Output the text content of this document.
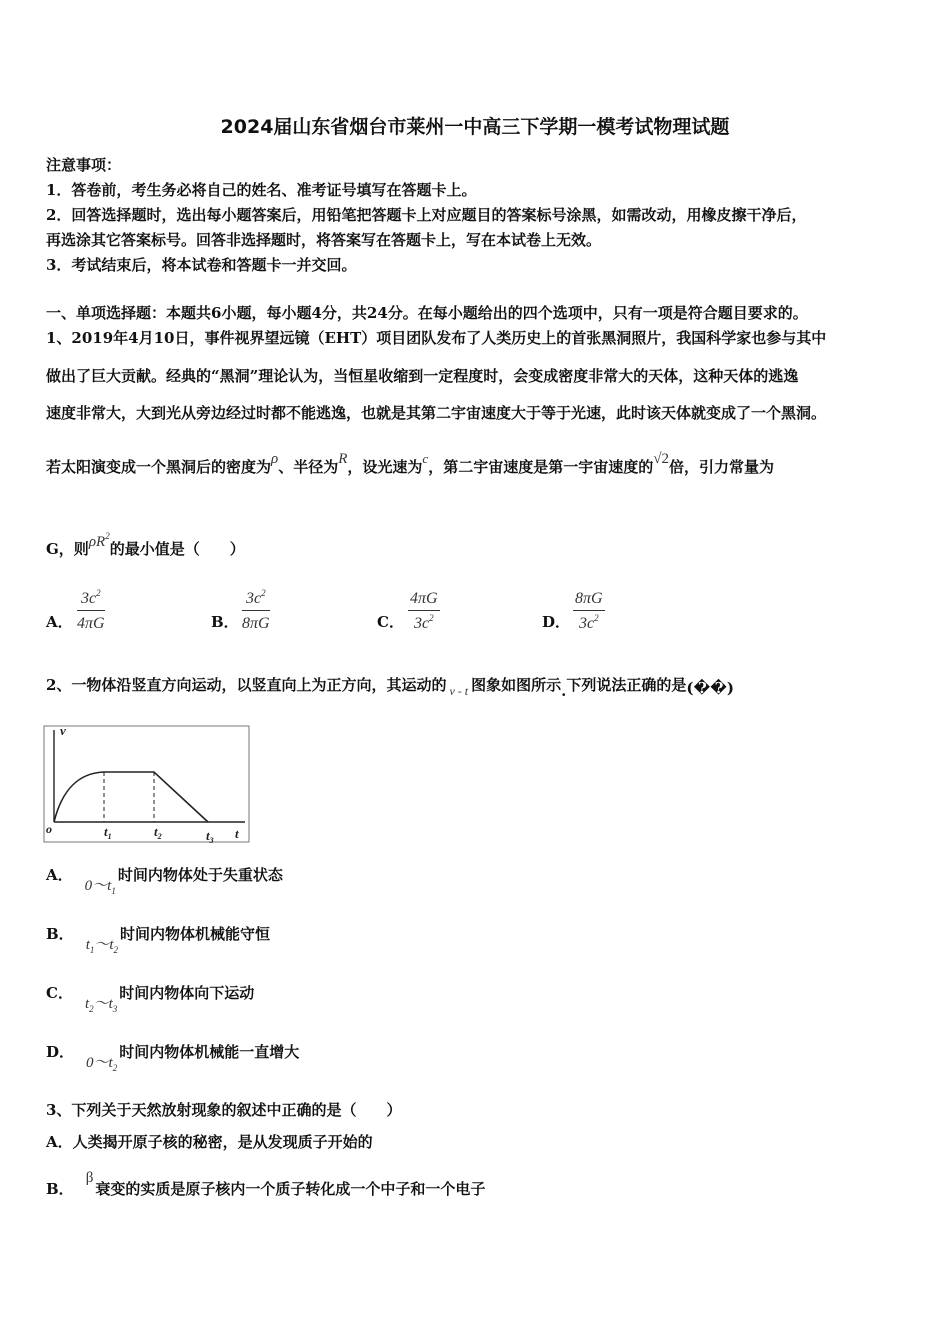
2024届山东省烟台市莱州一中高三下学期一模考试物理试题
注意事项：
1．答卷前，考生务必将自己的姓名、准考证号填写在答题卡上。
2．回答选择题时，选出每小题答案后，用铅笔把答题卡上对应题目的答案标号涂黑，如需改动，用橡皮擦干净后，
再选涂其它答案标号。回答非选择题时，将答案写在答题卡上，写在本试卷上无效。
3．考试结束后，将本试卷和答题卡一并交回。
一、单项选择题：本题共6小题，每小题4分，共24分。在每小题给出的四个选项中，只有一项是符合题目要求的。
1、2019年4月10日，事件视界望远镜（EHT）项目团队发布了人类历史上的首张黑洞照片，我国科学家也参与其中
做出了巨大贡献。经典的“黑洞”理论认为，当恒星收缩到一定程度时，会变成密度非常大的天体，这种天体的逃逸
速度非常大，大到光从旁边经过时都不能逃逸，也就是其第二宇宙速度大于等于光速，此时该天体就变成了一个黑洞。
若太阳演变成一个黑洞后的密度为ρ、半径为R，设光速为c，第二宇宙速度是第一宇宙速度的√2倍，引力常量为
G，则$\rho R^2$的最小值是（　　）
A． $\frac{3c^2}{4\pi G}$	B． $\frac{3c^2}{8\pi G}$	C． $\frac{4\pi G}{3c^2}$	D． $\frac{8\pi G}{3c^2}$
2、一物体沿竖直方向运动，以竖直向上为正方向，其运动的 $_{v - t}$ 图象如图所示.下列说法正确的是(��)
v
o	$t_1$	$t_2$	$t_3$ t
A．$0\sim t_1$时间内物体处于失重状态
B．$t_1\sim t_2$时间内物体机械能守恒
C．$t_2\sim t_3$时间内物体向下运动
D．$0\sim t_2$时间内物体机械能一直增大
3、下列关于天然放射现象的叙述中正确的是（　　）
A．人类揭开原子核的秘密，是从发现质子开始的
B．β衰变的实质是原子核内一个质子转化成一个中子和一个电子
